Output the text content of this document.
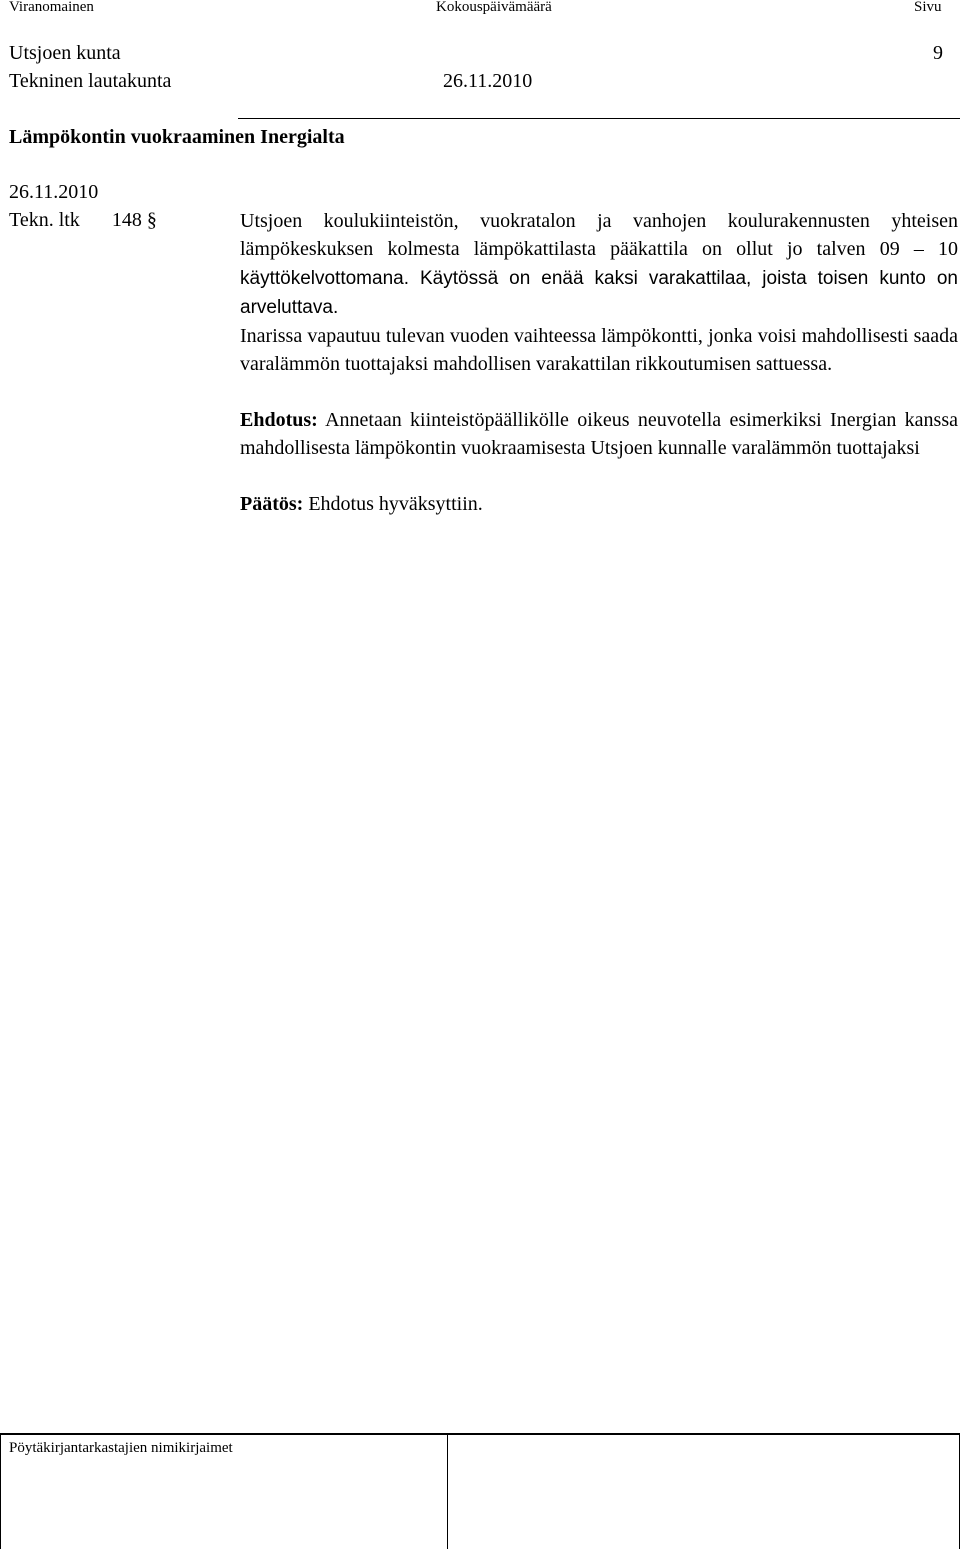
Viranomainen	Kokouspäivämäärä	Sivu
Utsjoen kunta	9
Tekninen lautakunta	26.11.2010
Lämpökontin vuokraaminen Inergialta
26.11.2010
Tekn. ltk 148 §	Utsjoen koulukiinteistön, vuokratalon ja vanhojen koulurakennusten yhteisen lämpökeskuksen kolmesta lämpökattilasta pääkattila on ollut jo talven 09 – 10 käyttökelvottomana. Käytössä on enää kaksi varakattilaa, joista toisen kunto on arveluttava.

Inarissa vapautuu tulevan vuoden vaihteessa lämpökontti, jonka voisi mahdollisesti saada varalämmön tuottajaksi mahdollisen varakattilan rikkoutumisen sattuessa.

Ehdotus: Annetaan kiinteistöpäällikölle oikeus neuvotella esimerkiksi Inergian kanssa mahdollisesta lämpökontin vuokraamisesta Utsjoen kunnalle varalämmön tuottajaksi

Päätös: Ehdotus hyväksyttiin.

Pöytäkirjantarkastajien nimikirjaimet
